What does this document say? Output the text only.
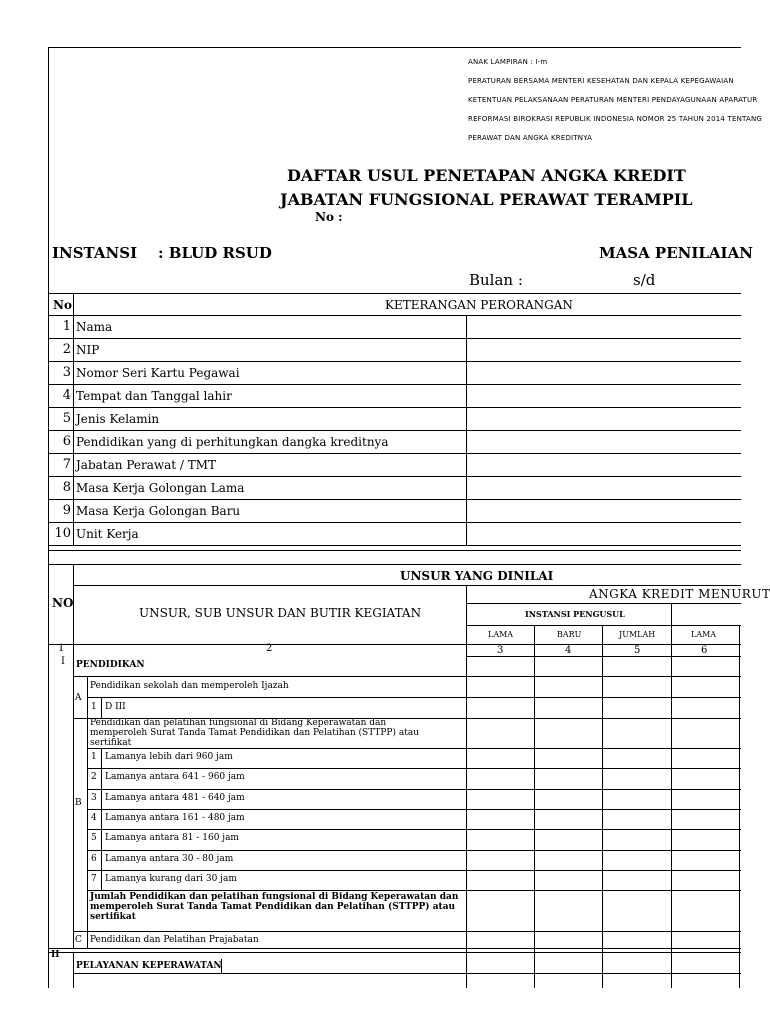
ANAK LAMPIRAN : I-m
PERATURAN BERSAMA MENTERI KESEHATAN DAN KEPALA KEPEGAWAIAN
KETENTUAN PELAKSANAAN PERATURAN MENTERI PENDAYAGUNAAN APARATUR
REFORMASI BIROKRASI REPUBLIK INDONESIA NOMOR 25 TAHUN 2014 TENTANG
PERAWAT DAN ANGKA KREDITNYA
DAFTAR USUL PENETAPAN ANGKA KREDIT
JABATAN FUNGSIONAL PERAWAT TERAMPIL
No :
INSTANSI : BLUD RSUD	MASA PENILAIAN
Bulan :	s/d
No	KETERANGAN PERORANGAN
1 Nama
2 NIP
3 Nomor Seri Kartu Pegawai
4 Tempat dan Tanggal lahir
5 Jenis Kelamin
6 Pendidikan yang di perhitungkan dangka kreditnya
7 Jabatan Perawat / TMT
8 Masa Kerja Golongan Lama
9 Masa Kerja Golongan Baru
10 Unit Kerja
UNSUR YANG DINILAI
NO
UNSUR, SUB UNSUR DAN BUTIR KEGIATAN
ANGKA KREDIT MENURUT
INSTANSI PENGUSUL
LAMA	BARU	JUMLAH	LAMA
1	2	3	4	5	6
I PENDIDIKAN
A
Pendidikan sekolah dan memperoleh Ijazah
1 D III
B
Pendidikan dan pelatihan fungsional di Bidang Keperawatan dan memperoleh Surat Tanda Tamat Pendidikan dan Pelatihan (STTPP) atau sertifikat
1 Lamanya lebih dari 960 jam
2 Lamanya antara 641 - 960 jam
3 Lamanya antara 481 - 640 jam
4 Lamanya antara 161 - 480 jam
5 Lamanya antara 81 - 160 jam
6 Lamanya antara 30 - 80 jam
7 Lamanya kurang dari 30 jam
Jumlah Pendidikan dan pelatihan fungsional di Bidang Keperawatan dan memperoleh Surat Tanda Tamat Pendidikan dan Pelatihan (STTPP) atau sertifikat
C Pendidikan dan Pelatihan Prajabatan
II
PELAYANAN KEPERAWATAN
